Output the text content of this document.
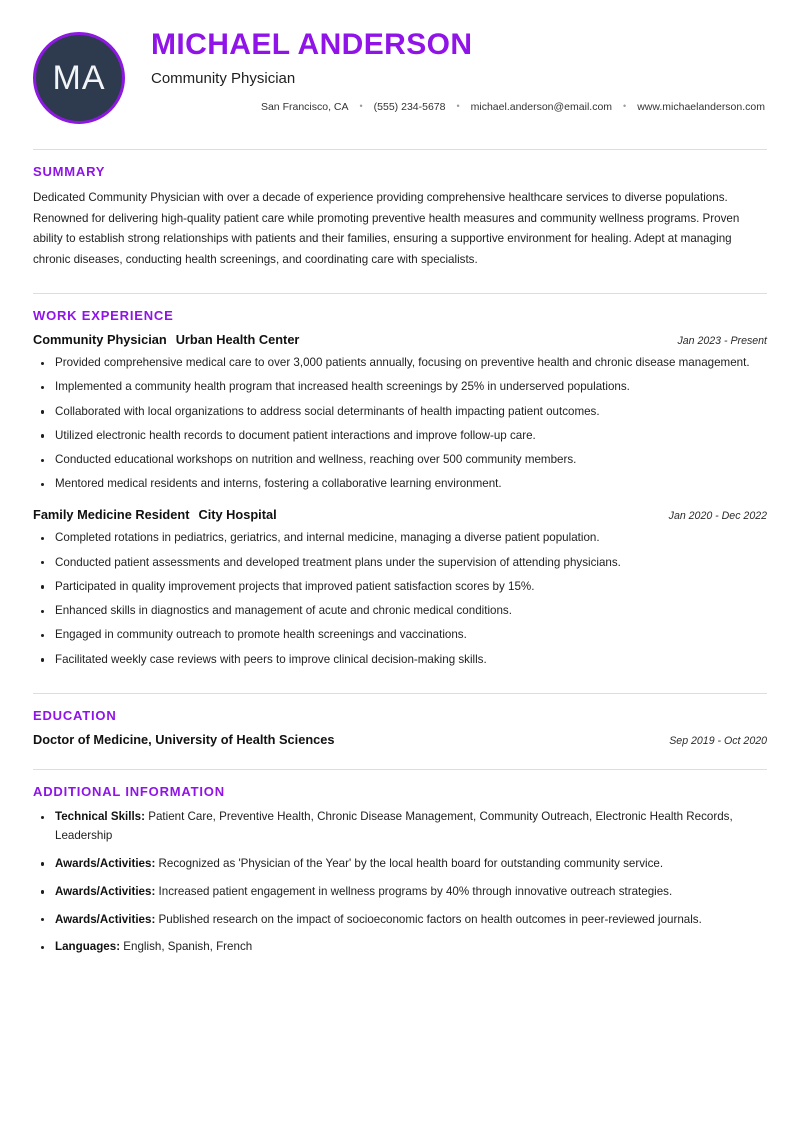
MA
MICHAEL ANDERSON
Community Physician
San Francisco, CA	•	(555) 234-5678	•	michael.anderson@email.com	•	www.michaelanderson.com
SUMMARY

Dedicated Community Physician with over a decade of experience providing comprehensive healthcare services to diverse populations. Renowned for delivering high-quality patient care while promoting preventive health measures and community wellness programs. Proven ability to establish strong relationships with patients and their families, ensuring a supportive environment for healing. Adept at managing chronic diseases, conducting health screenings, and coordinating care with specialists.

WORK EXPERIENCE
Community Physician Urban Health Center	Jan 2023 - Present
Provided comprehensive medical care to over 3,000 patients annually, focusing on preventive health and chronic disease management.
Implemented a community health program that increased health screenings by 25% in underserved populations.
Collaborated with local organizations to address social determinants of health impacting patient outcomes.
Utilized electronic health records to document patient interactions and improve follow-up care.
Conducted educational workshops on nutrition and wellness, reaching over 500 community members.
Mentored medical residents and interns, fostering a collaborative learning environment.
Family Medicine Resident City Hospital	Jan 2020 - Dec 2022
Completed rotations in pediatrics, geriatrics, and internal medicine, managing a diverse patient population.
Conducted patient assessments and developed treatment plans under the supervision of attending physicians.
Participated in quality improvement projects that improved patient satisfaction scores by 15%.
Enhanced skills in diagnostics and management of acute and chronic medical conditions.
Engaged in community outreach to promote health screenings and vaccinations.
Facilitated weekly case reviews with peers to improve clinical decision-making skills.
EDUCATION
Doctor of Medicine, University of Health Sciences	Sep 2019 - Oct 2020
ADDITIONAL INFORMATION
Technical Skills: Patient Care, Preventive Health, Chronic Disease Management, Community Outreach, Electronic Health Records, Leadership
Awards/Activities: Recognized as 'Physician of the Year' by the local health board for outstanding community service.
Awards/Activities: Increased patient engagement in wellness programs by 40% through innovative outreach strategies.
Awards/Activities: Published research on the impact of socioeconomic factors on health outcomes in peer-reviewed journals.
Languages: English, Spanish, French
